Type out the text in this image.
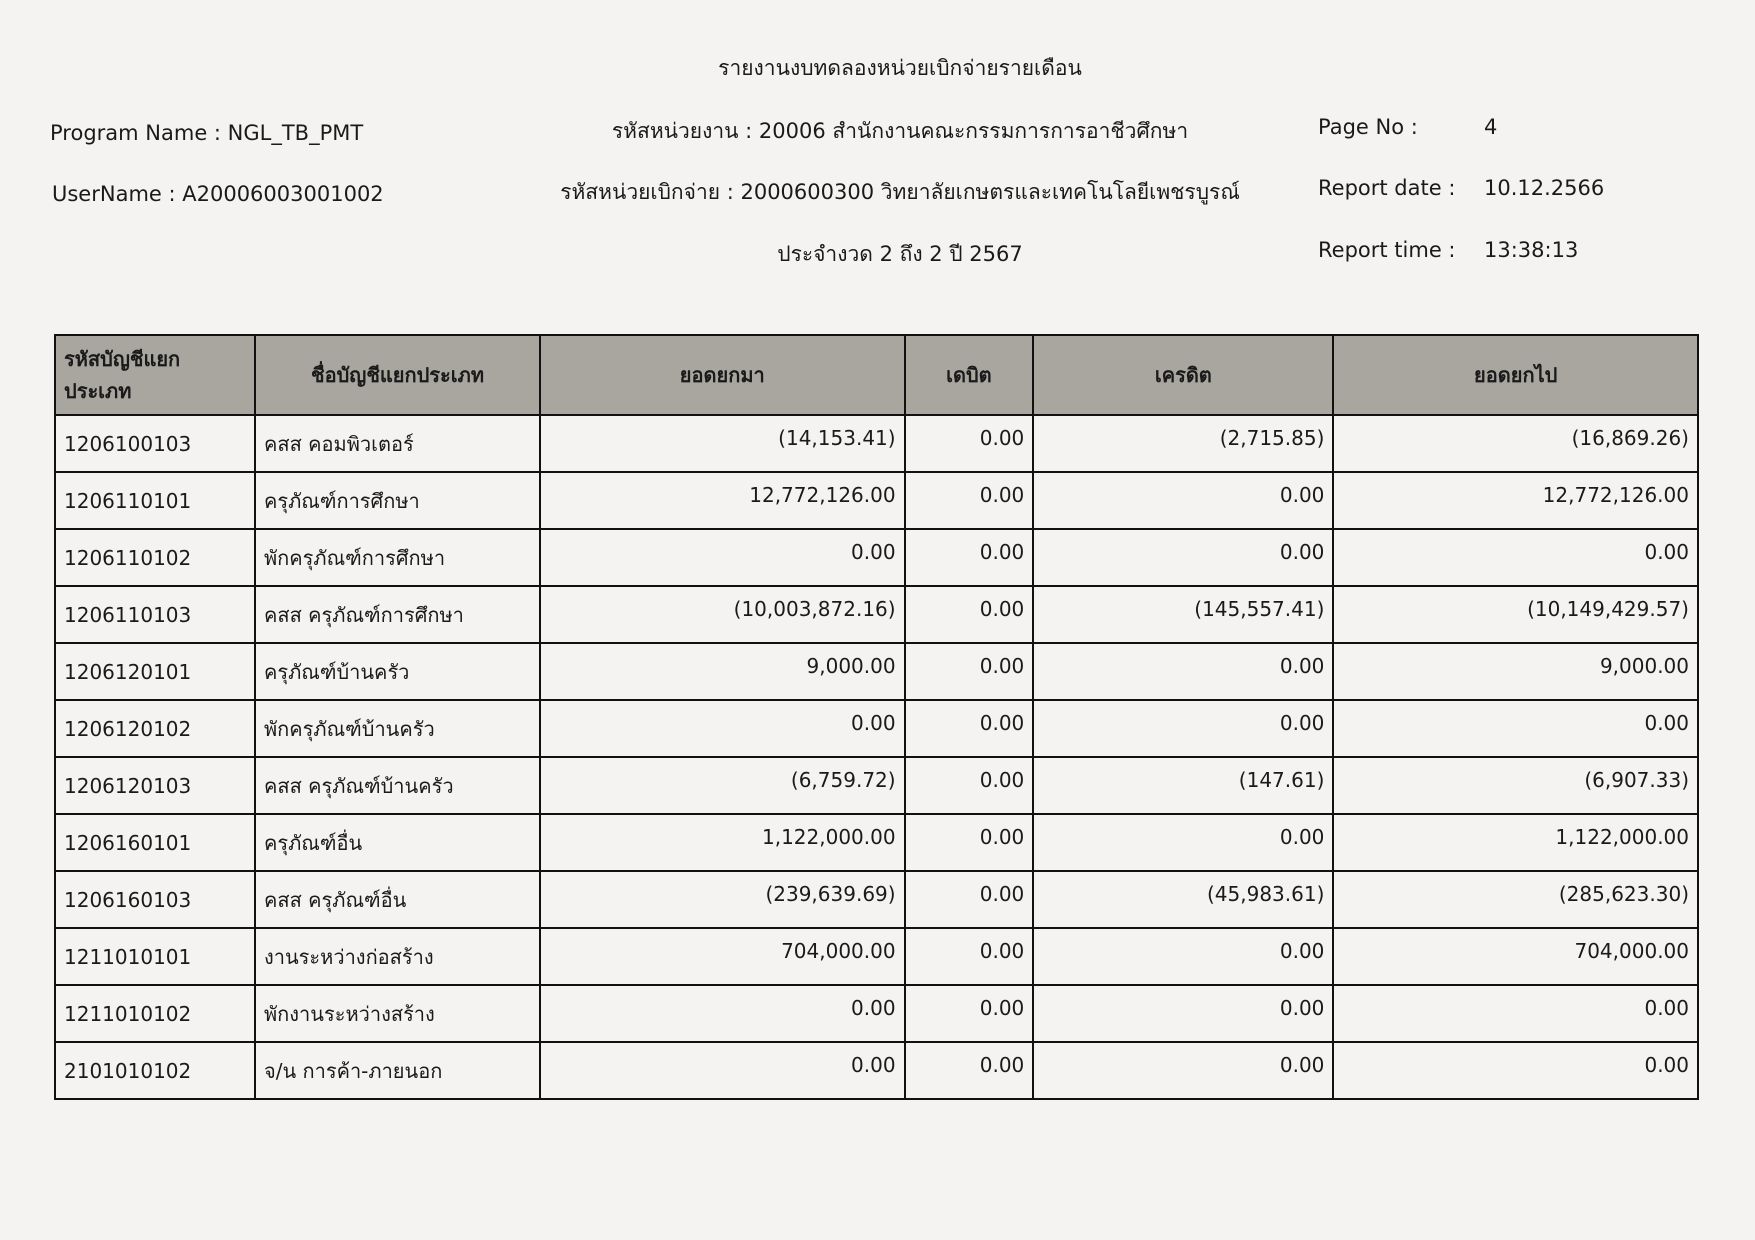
รายงานงบทดลองหน่วยเบิกจ่ายรายเดือน
รหัสหน่วยงาน : 20006 สำนักงานคณะกรรมการการอาชีวศึกษา
รหัสหน่วยเบิกจ่าย : 2000600300 วิทยาลัยเกษตรและเทคโนโลยีเพชรบูรณ์
ประจำงวด 2 ถึง 2 ปี 2567
Program Name : NGL_TB_PMT
UserName : A20006003001002
Page No :	4
Report date : 10.12.2566
Report time : 13:38:13
รหัสบัญชีแยกประเภท	ชื่อบัญชีแยกประเภท	ยอดยกมา	เดบิต	เครดิต	ยอดยกไป
1206100103	คสส คอมพิวเตอร์	(14,153.41)	0.00	(2,715.85)	(16,869.26)
1206110101	ครุภัณฑ์การศึกษา	12,772,126.00	0.00	0.00	12,772,126.00
1206110102	พักครุภัณฑ์การศึกษา	0.00	0.00	0.00	0.00
1206110103	คสส ครุภัณฑ์การศึกษา	(10,003,872.16)	0.00	(145,557.41)	(10,149,429.57)
1206120101	ครุภัณฑ์บ้านครัว	9,000.00	0.00	0.00	9,000.00
1206120102	พักครุภัณฑ์บ้านครัว	0.00	0.00	0.00	0.00
1206120103	คสส ครุภัณฑ์บ้านครัว	(6,759.72)	0.00	(147.61)	(6,907.33)
1206160101	ครุภัณฑ์อื่น	1,122,000.00	0.00	0.00	1,122,000.00
1206160103	คสส ครุภัณฑ์อื่น	(239,639.69)	0.00	(45,983.61)	(285,623.30)
1211010101	งานระหว่างก่อสร้าง	704,000.00	0.00	0.00	704,000.00
1211010102	พักงานระหว่างสร้าง	0.00	0.00	0.00	0.00
2101010102	จ/น การค้า-ภายนอก	0.00	0.00	0.00	0.00
